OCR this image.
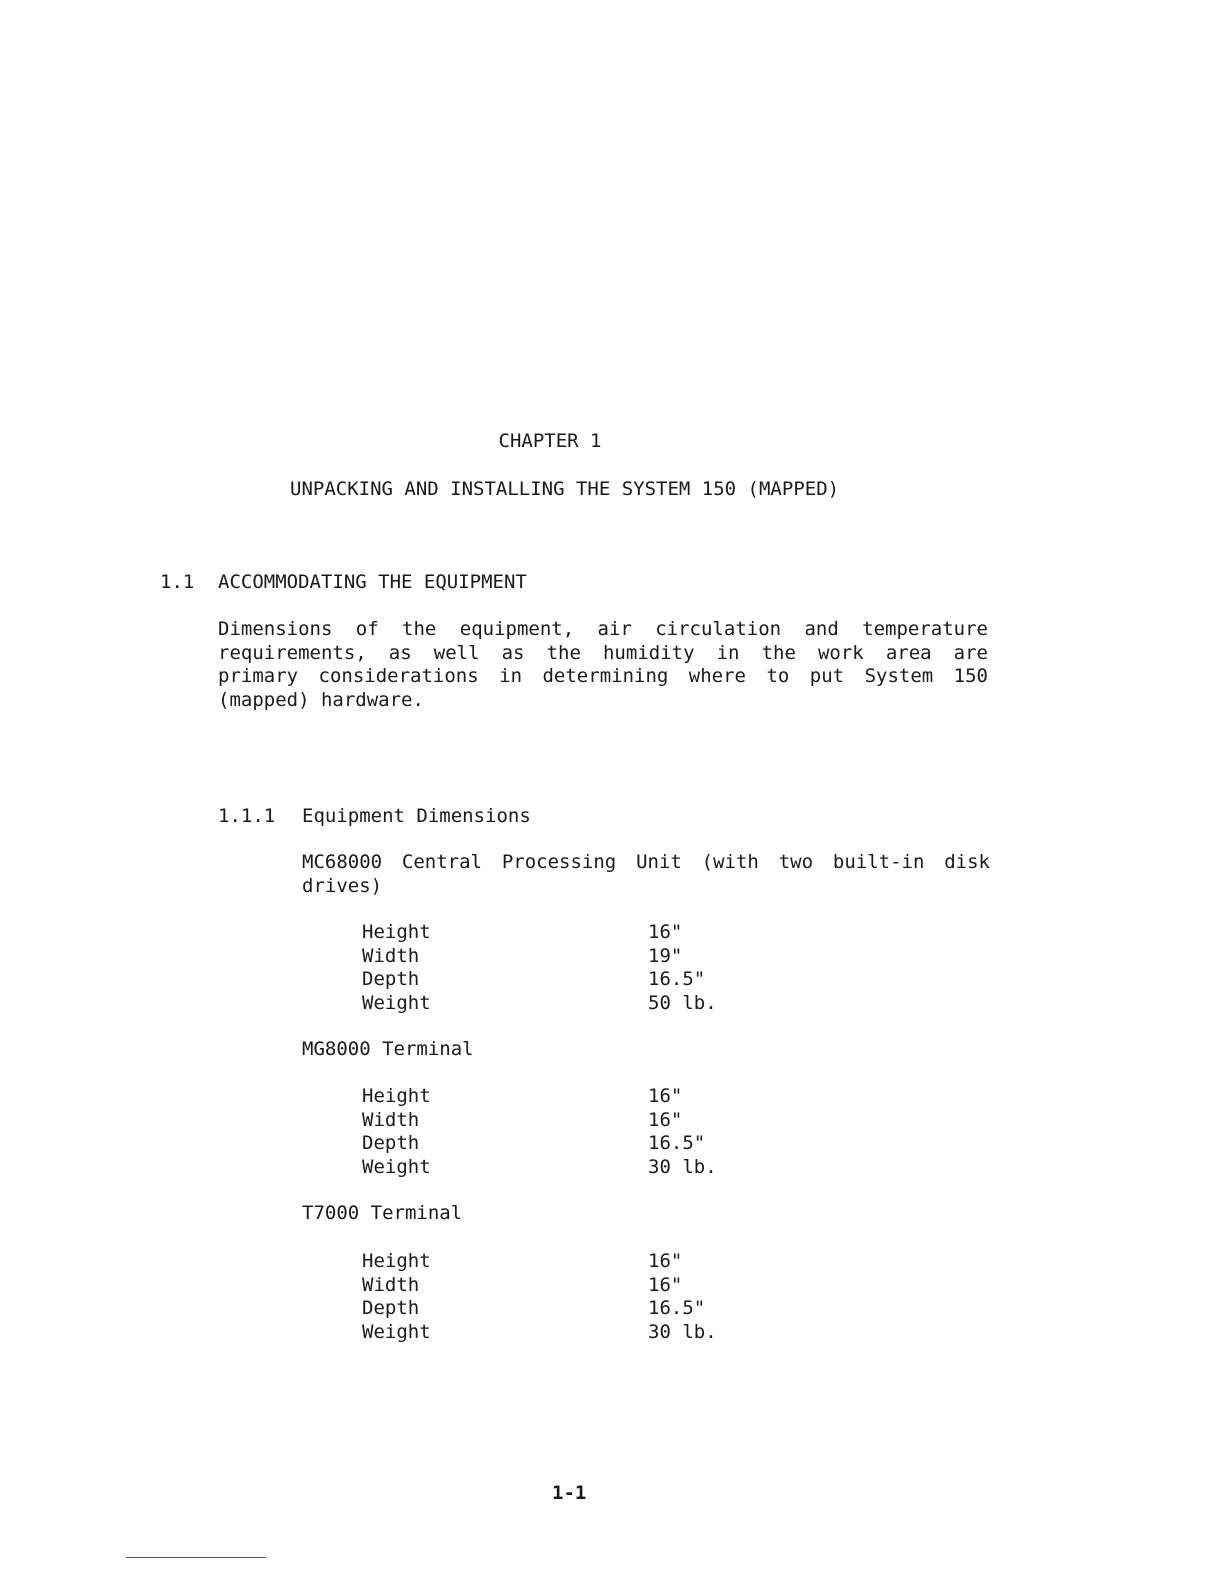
CHAPTER 1
UNPACKING AND INSTALLING THE SYSTEM 150 (MAPPED)
1.1 ACCOMMODATING THE EQUIPMENT
Dimensions of the equipment, air circulation and temperature
requirements, as well as the humidity in the work area are
primary considerations in determining where to put System 150
(mapped) hardware.
1.1.1 Equipment Dimensions
MC68000 Central Processing Unit (with two built-in disk
drives)
Height	16"
Width	19"
Depth	16.5"
Weight	50 lb.
MG8000 Terminal
Height	16"
Width	16"
Depth	16.5"
Weight	30 lb.
T7000 Terminal
Height	16"
Width	16"
Depth	16.5"
Weight	30 lb.
1-1
